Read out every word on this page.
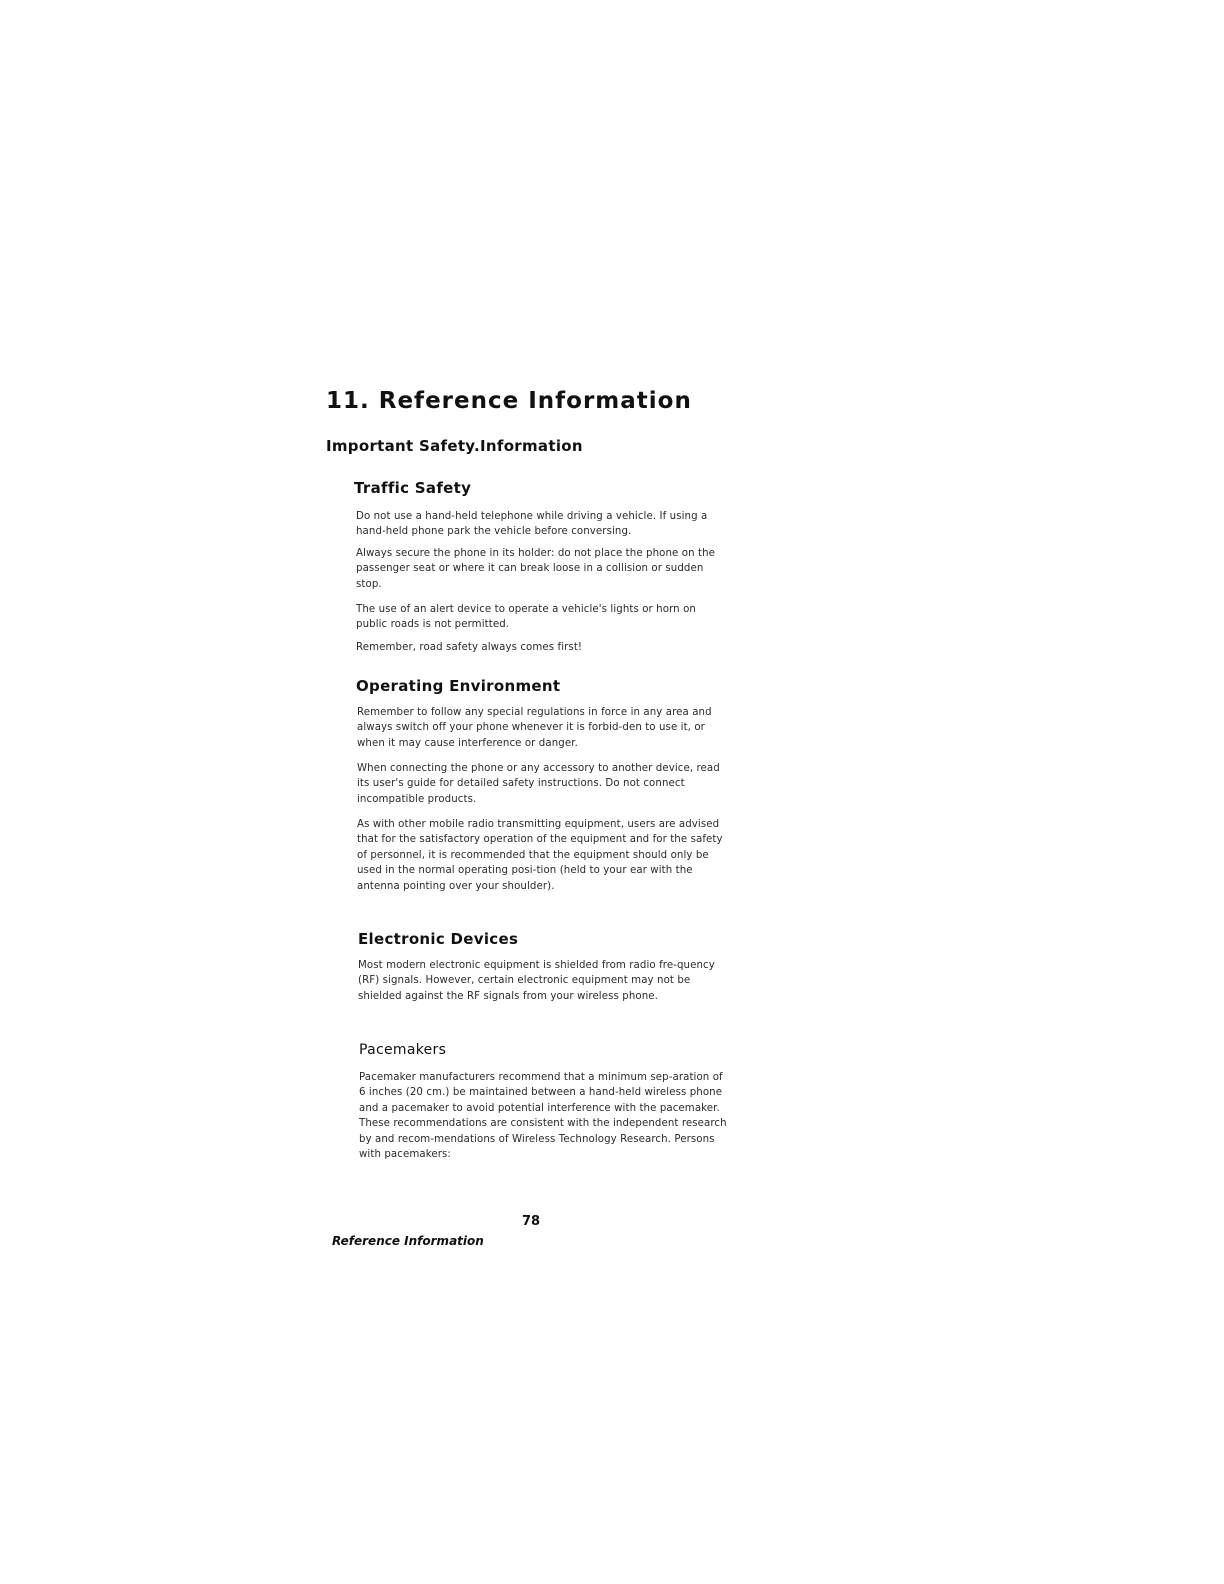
11. Reference Information
Important Safety.Information
Traffic Safety

Do not use a hand-held telephone while driving a vehicle. If using a hand-held phone park the vehicle before conversing.

Always secure the phone in its holder: do not place the phone on the passenger seat or where it can break loose in a collision or sudden stop.

The use of an alert device to operate a vehicle's lights or horn on public roads is not permitted.

Remember, road safety always comes first!

Operating Environment

Remember to follow any special regulations in force in any area and always switch off your phone whenever it is forbid-den to use it, or when it may cause interference or danger.

When connecting the phone or any accessory to another device, read its user's guide for detailed safety instructions. Do not connect incompatible products.

As with other mobile radio transmitting equipment, users are advised that for the satisfactory operation of the equipment and for the safety of personnel, it is recommended that the equipment should only be used in the normal operating posi-tion (held to your ear with the antenna pointing over your shoulder).

Electronic Devices

Most modern electronic equipment is shielded from radio fre-quency (RF) signals. However, certain electronic equipment may not be shielded against the RF signals from your wireless phone.

Pacemakers

Pacemaker manufacturers recommend that a minimum sep-aration of 6 inches (20 cm.) be maintained between a hand-held wireless phone and a pacemaker to avoid potential interference with the pacemaker. These recommendations are consistent with the independent research by and recom-mendations of Wireless Technology Research. Persons with pacemakers:

78
Reference Information
